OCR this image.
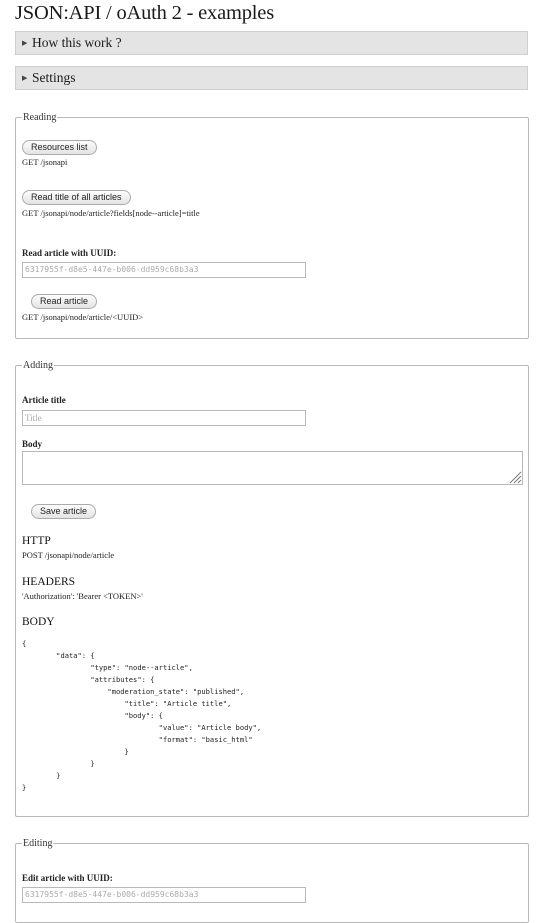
JSON:API / oAuth 2 - examples
▶ How this work ?
▶ Settings
Reading
Resources list
GET /jsonapi
Read title of all articles
GET /jsonapi/node/article?fields[node--article]=title
Read article with UUID:
6317955f-d8e5-447e-b006-dd959c68b3a3
Read article
GET /jsonapi/node/article/<UUID>
Adding
Article title
Title
Body
Save article
HTTP
POST /jsonapi/node/article
HEADERS
'Authorization': 'Bearer <TOKEN>'
BODY
{
	"data": {
		"type": "node--article",
		"attributes": {
		"moderation_state": "published",
			"title": "Article title",
			"body": {
				"value": "Article body",
				"format": "basic_html"
			}
		}
	}
}
Editing
Edit article with UUID:
6317955f-d8e5-447e-b006-dd959c68b3a3
